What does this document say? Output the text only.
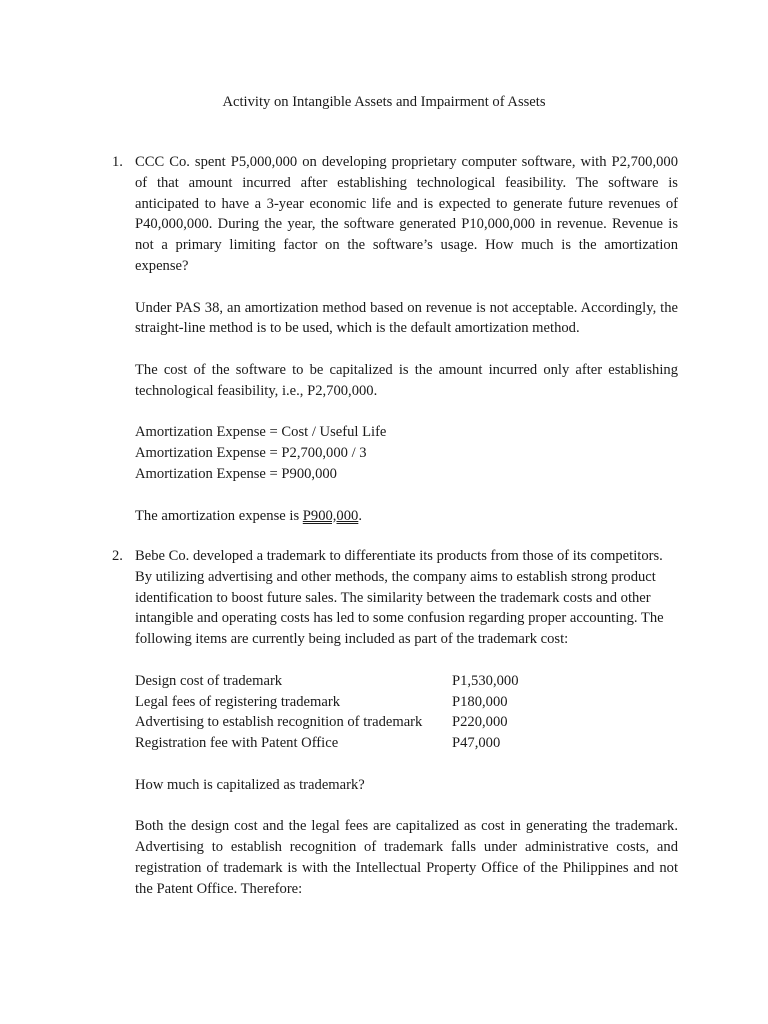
Activity on Intangible Assets and Impairment of Assets
1. CCC Co. spent P5,000,000 on developing proprietary computer software, with P2,700,000 of that amount incurred after establishing technological feasibility. The software is anticipated to have a 3-year economic life and is expected to generate future revenues of P40,000,000. During the year, the software generated P10,000,000 in revenue. Revenue is not a primary limiting factor on the software’s usage. How much is the amortization expense?

Under PAS 38, an amortization method based on revenue is not acceptable. Accordingly, the straight-line method is to be used, which is the default amortization method.

The cost of the software to be capitalized is the amount incurred only after establishing technological feasibility, i.e., P2,700,000.

Amortization Expense = Cost / Useful Life

Amortization Expense = P2,700,000 / 3

Amortization Expense = P900,000

The amortization expense is P900,000.

2. Bebe Co. developed a trademark to differentiate its products from those of its competitors. By utilizing advertising and other methods, the company aims to establish strong product identification to boost future sales. The similarity between the trademark costs and other intangible and operating costs has led to some confusion regarding proper accounting. The following items are currently being included as part of the trademark cost:

Design cost of trademark	P1,530,000
Legal fees of registering trademark	P180,000
Advertising to establish recognition of trademark	P220,000
Registration fee with Patent Office	P47,000

How much is capitalized as trademark?

Both the design cost and the legal fees are capitalized as cost in generating the trademark. Advertising to establish recognition of trademark falls under administrative costs, and registration of trademark is with the Intellectual Property Office of the Philippines and not the Patent Office. Therefore:
